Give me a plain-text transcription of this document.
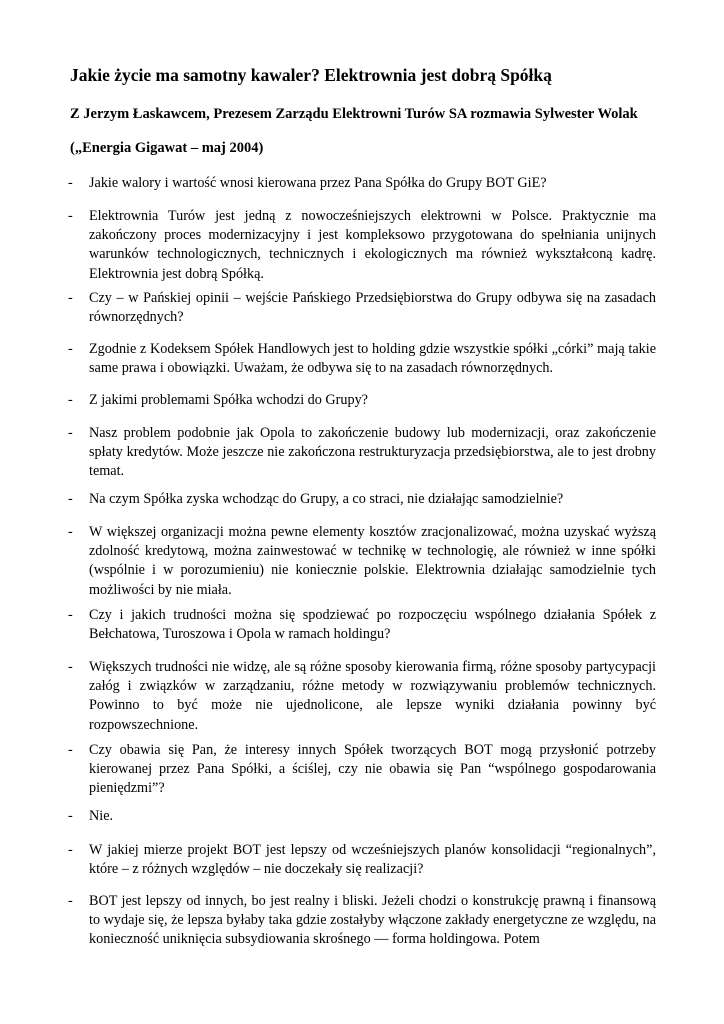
Jakie życie ma samotny kawaler? Elektrownia jest dobrą Spółką
Z Jerzym Łaskawcem, Prezesem Zarządu Elektrowni Turów SA rozmawia Sylwester Wolak

(„Energia Gigawat – maj 2004)

- Jakie walory i wartość wnosi kierowana przez Pana Spółka do Grupy BOT GiE?
- Elektrownia Turów jest jedną z nowocześniejszych elektrowni w Polsce. Praktycznie ma zakończony proces modernizacyjny i jest kompleksowo przygotowana do spełniania unijnych warunków technologicznych, technicznych i ekologicznych ma również wykształconą kadrę. Elektrownia jest dobrą Spółką.
- Czy – w Pańskiej opinii – wejście Pańskiego Przedsiębiorstwa do Grupy odbywa się na zasadach równorzędnych?
- Zgodnie z Kodeksem Spółek Handlowych jest to holding gdzie wszystkie spółki „córki” mają takie same prawa i obowiązki. Uważam, że odbywa się to na zasadach równorzędnych.
- Z jakimi problemami Spółka wchodzi do Grupy?
- Nasz problem podobnie jak Opola to zakończenie budowy lub modernizacji, oraz zakończenie spłaty kredytów. Może jeszcze nie zakończona restrukturyzacja przedsiębiorstwa, ale to jest drobny temat.
- Na czym Spółka zyska wchodząc do Grupy, a co straci, nie działając samodzielnie?
- W większej organizacji można pewne elementy kosztów zracjonalizować, można uzyskać wyższą zdolność kredytową, można zainwestować w technikę w technologię, ale również w inne spółki (wspólnie i w porozumieniu) nie koniecznie polskie. Elektrownia działając samodzielnie tych możliwości by nie miała.
- Czy i jakich trudności można się spodziewać po rozpoczęciu wspólnego działania Spółek z Bełchatowa, Turoszowa i Opola w ramach holdingu?
- Większych trudności nie widzę, ale są różne sposoby kierowania firmą, różne sposoby partycypacji załóg i związków w zarządzaniu, różne metody w rozwiązywaniu problemów technicznych. Powinno to być może nie ujednolicone, ale lepsze wyniki działania powinny być rozpowszechnione.
- Czy obawia się Pan, że interesy innych Spółek tworzących BOT mogą przysłonić potrzeby kierowanej przez Pana Spółki, a ściślej, czy nie obawia się Pan “wspólnego gospodarowania pieniędzmi”?
- Nie.
- W jakiej mierze projekt BOT jest lepszy od wcześniejszych planów konsolidacji “regionalnych”, które – z różnych względów – nie doczekały się realizacji?
- BOT jest lepszy od innych, bo jest realny i bliski. Jeżeli chodzi o konstrukcję prawną i finansową to wydaje się, że lepsza byłaby taka gdzie zostałyby włączone zakłady energetyczne ze względu, na konieczność uniknięcia subsydiowania skrośnego — forma holdingowa. Potem
